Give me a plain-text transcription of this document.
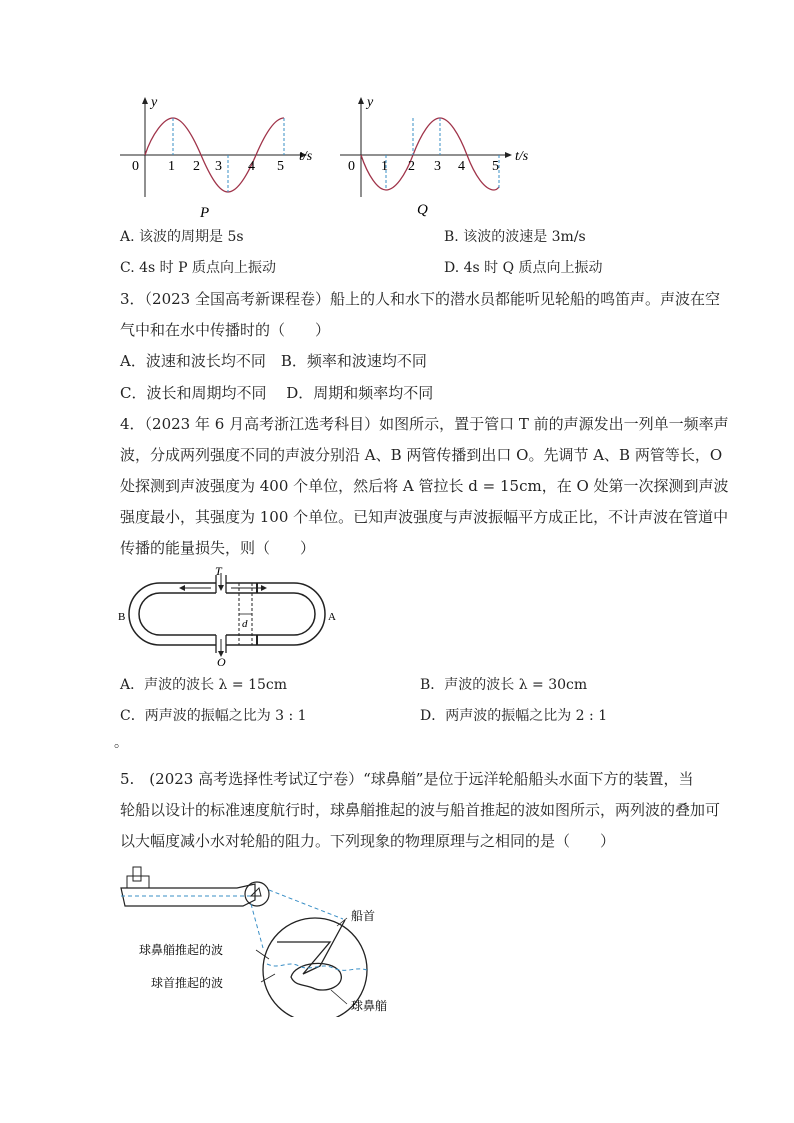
y
t/s
0 1 2 3 4 5
P
y
t/s
0 1 2 3 4 5
Q
A. 该波的周期是 5s	B. 该波的波速是 3m/s
C. 4s 时 P 质点向上振动	D. 4s 时 Q 质点向上振动
3．（2023 全国高考新课程卷）船上的人和水下的潜水员都能听见轮船的鸣笛声。声波在空
气中和在水中传播时的（　　）
A．波速和波长均不同　B．频率和波速均不同
C．波长和周期均不同　 D．周期和频率均不同
4．（2023 年 6 月高考浙江选考科目）如图所示，置于管口 T 前的声源发出一列单一频率声
波，分成两列强度不同的声波分别沿 A、B 两管传播到出口 O。先调节 A、B 两管等长，O
处探测到声波强度为 400 个单位，然后将 A 管拉长 d = 15cm，在 O 处第一次探测到声波
强度最小，其强度为 100 个单位。已知声波强度与声波振幅平方成正比，不计声波在管道中
传播的能量损失，则（　　）
T
O
d
B	A
A．声波的波长 λ = 15cm	B．声波的波长 λ = 30cm
C．两声波的振幅之比为 3 : 1	D．两声波的振幅之比为 2 : 1
。
5.　(2023 高考选择性考试辽宁卷）“球鼻艏”是位于远洋轮船船头水面下方的装置，当
轮船以设计的标准速度航行时，球鼻艏推起的波与船首推起的波如图所示，两列波的叠加可
以大幅度减小水对轮船的阻力。下列现象的物理原理与之相同的是（　　）
船首
球鼻艏推起的波
球首推起的波
球鼻艏
